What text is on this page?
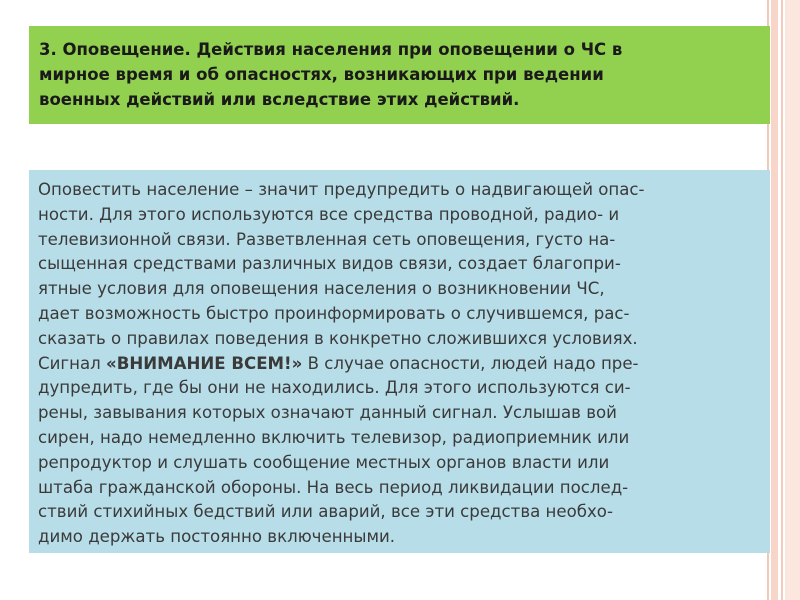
3. Оповещение. Действия населения при оповещении о ЧС в
мирное время и об опасностях, возникающих при ведении
военных действий или вследствие этих действий.

Оповестить население – значит предупредить о надвигающей опас-
ности. Для этого используются все средства проводной, радио- и
телевизионной связи. Разветвленная сеть оповещения, густо на-
сыщенная средствами различных видов связи, создает благопри-
ятные условия для оповещения населения о возникновении ЧС,
дает возможность быстро проинформировать о случившемся, рас-
сказать о правилах поведения в конкретно сложившихся условиях.

Сигнал «ВНИМАНИЕ ВСЕМ!» В случае опасности, людей надо пре-
дупредить, где бы они не находились. Для этого используются си-
рены, завывания которых означают данный сигнал. Услышав вой
сирен, надо немедленно включить телевизор, радиоприемник или
репродуктор и слушать сообщение местных органов власти или
штаба гражданской обороны. На весь период ликвидации послед-
ствий стихийных бедствий или аварий, все эти средства необхо-
димо держать постоянно включенными.
